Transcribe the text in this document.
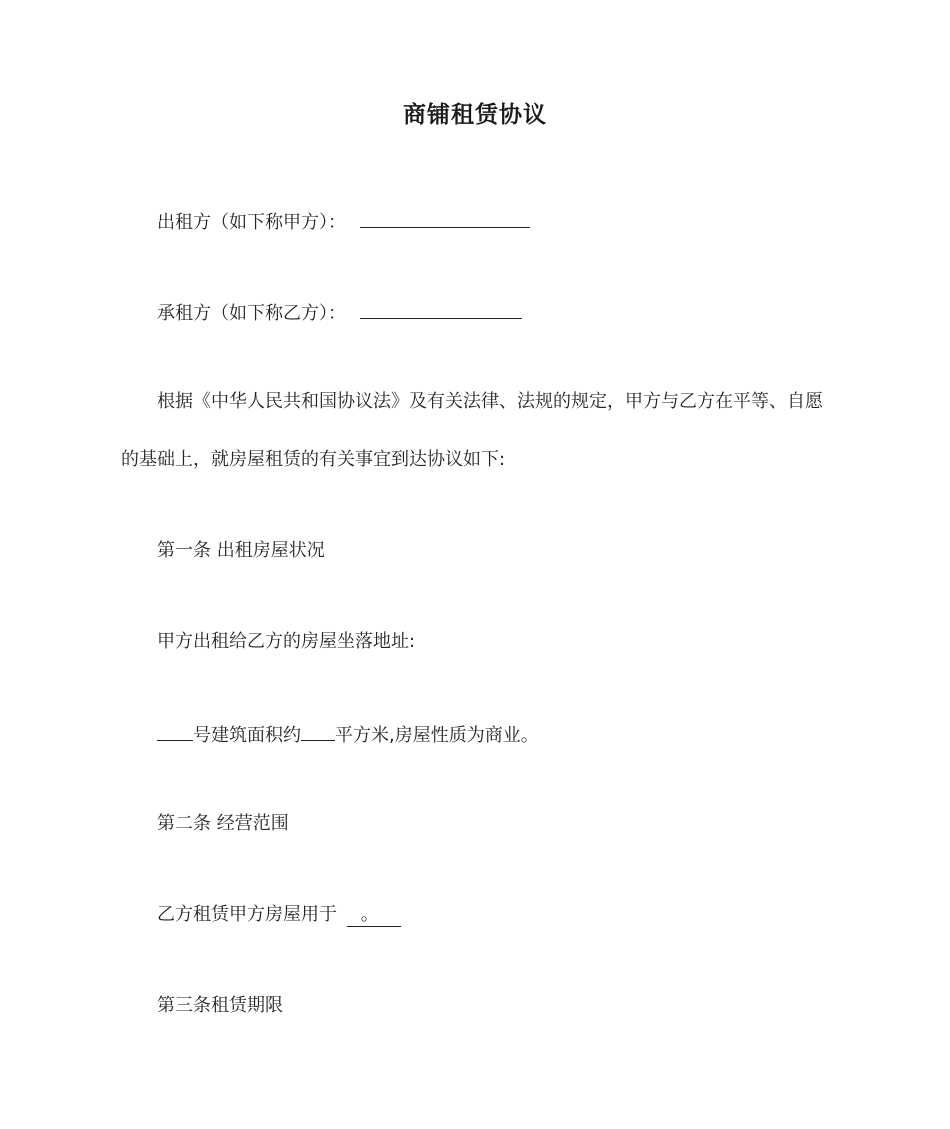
商铺租赁协议
出租方（如下称甲方）：
承租方（如下称乙方）：
根据《中华人民共和国协议法》及有关法律、法规的规定，甲方与乙方在平等、自愿
的基础上，就房屋租赁的有关事宜到达协议如下:
第一条 出租房屋状况
甲方出租给乙方的房屋坐落地址:
号建筑面积约 平方米,房屋性质为商业。
第二条 经营范围
乙方租赁甲方房屋用于 。
第三条租赁期限
